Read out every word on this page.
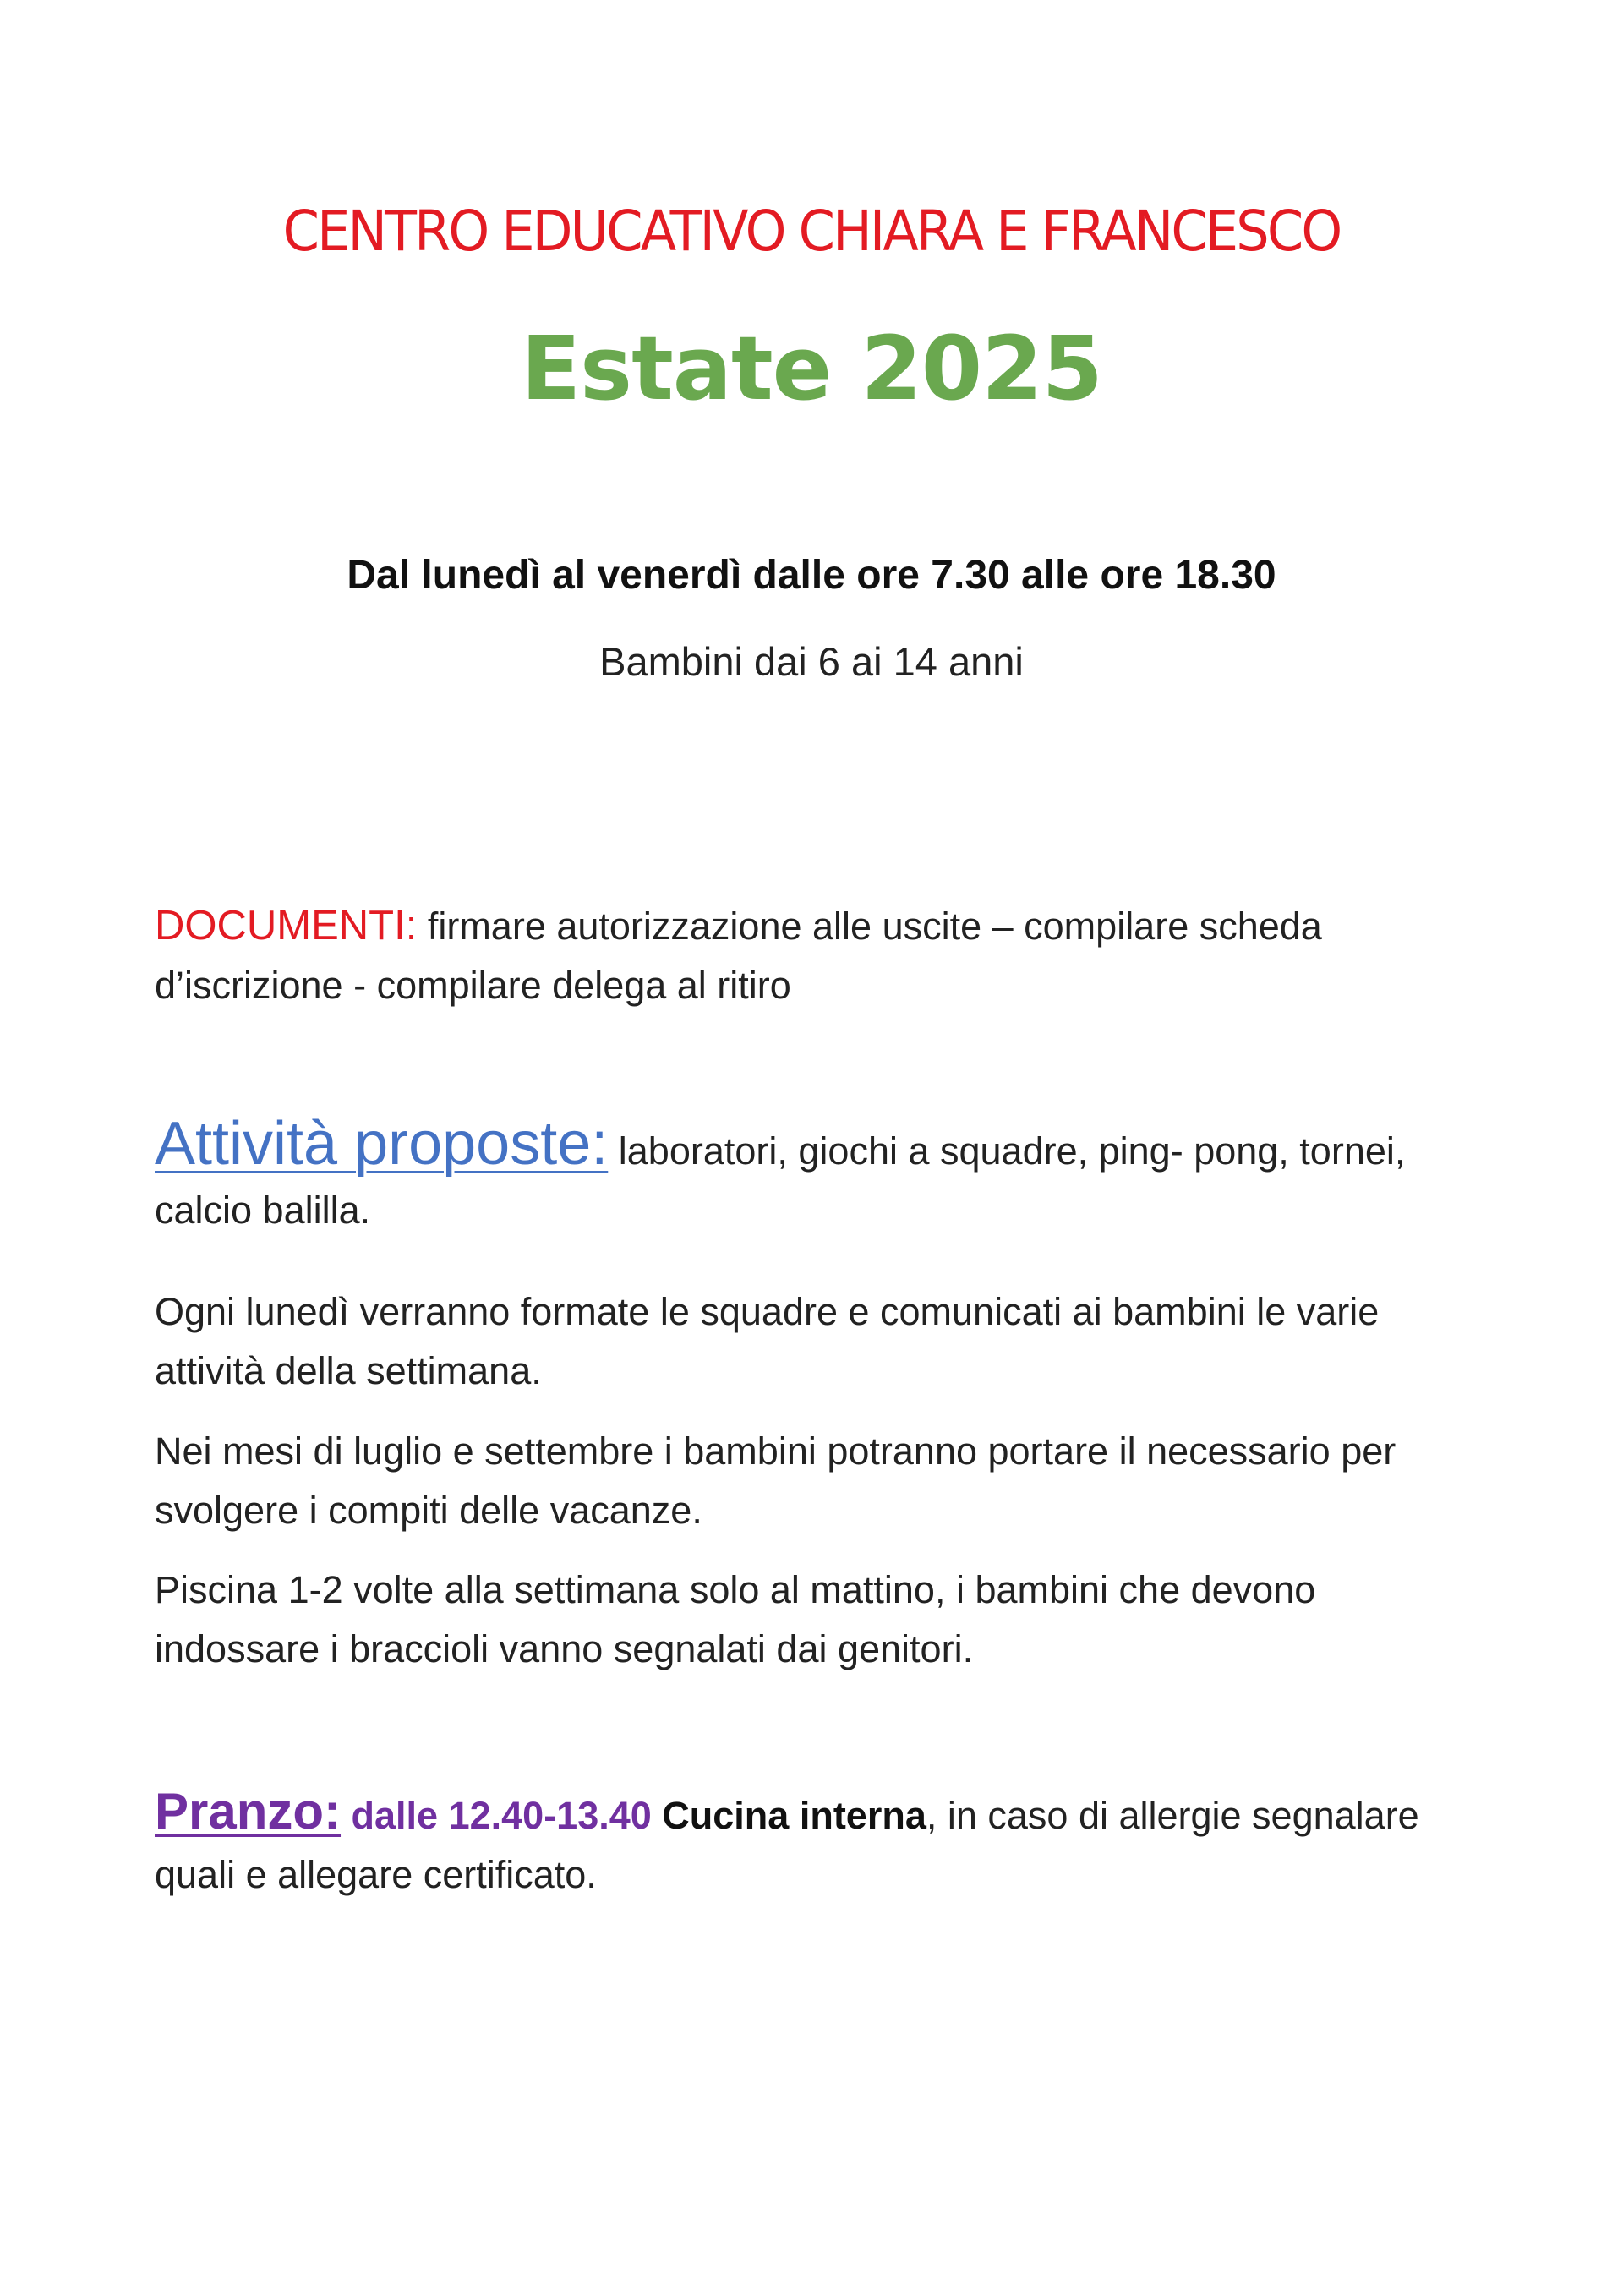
CENTRO EDUCATIVO CHIARA E FRANCESCO
Estate 2025
Dal lunedì al venerdì dalle ore 7.30 alle ore 18.30
Bambini dai 6 ai 14 anni
DOCUMENTI: firmare autorizzazione alle uscite – compilare scheda d’iscrizione - compilare delega al ritiro
Attività proposte: laboratori, giochi a squadre, ping- pong, tornei, calcio balilla.
Ogni lunedì verranno formate le squadre e comunicati ai bambini le varie attività della settimana.
Nei mesi di luglio e settembre i bambini potranno portare il necessario per svolgere i compiti delle vacanze.
Piscina 1-2 volte alla settimana solo al mattino, i bambini che devono indossare i braccioli vanno segnalati dai genitori.
Pranzo: dalle 12.40-13.40 Cucina interna, in caso di allergie segnalare quali e allegare certificato.
